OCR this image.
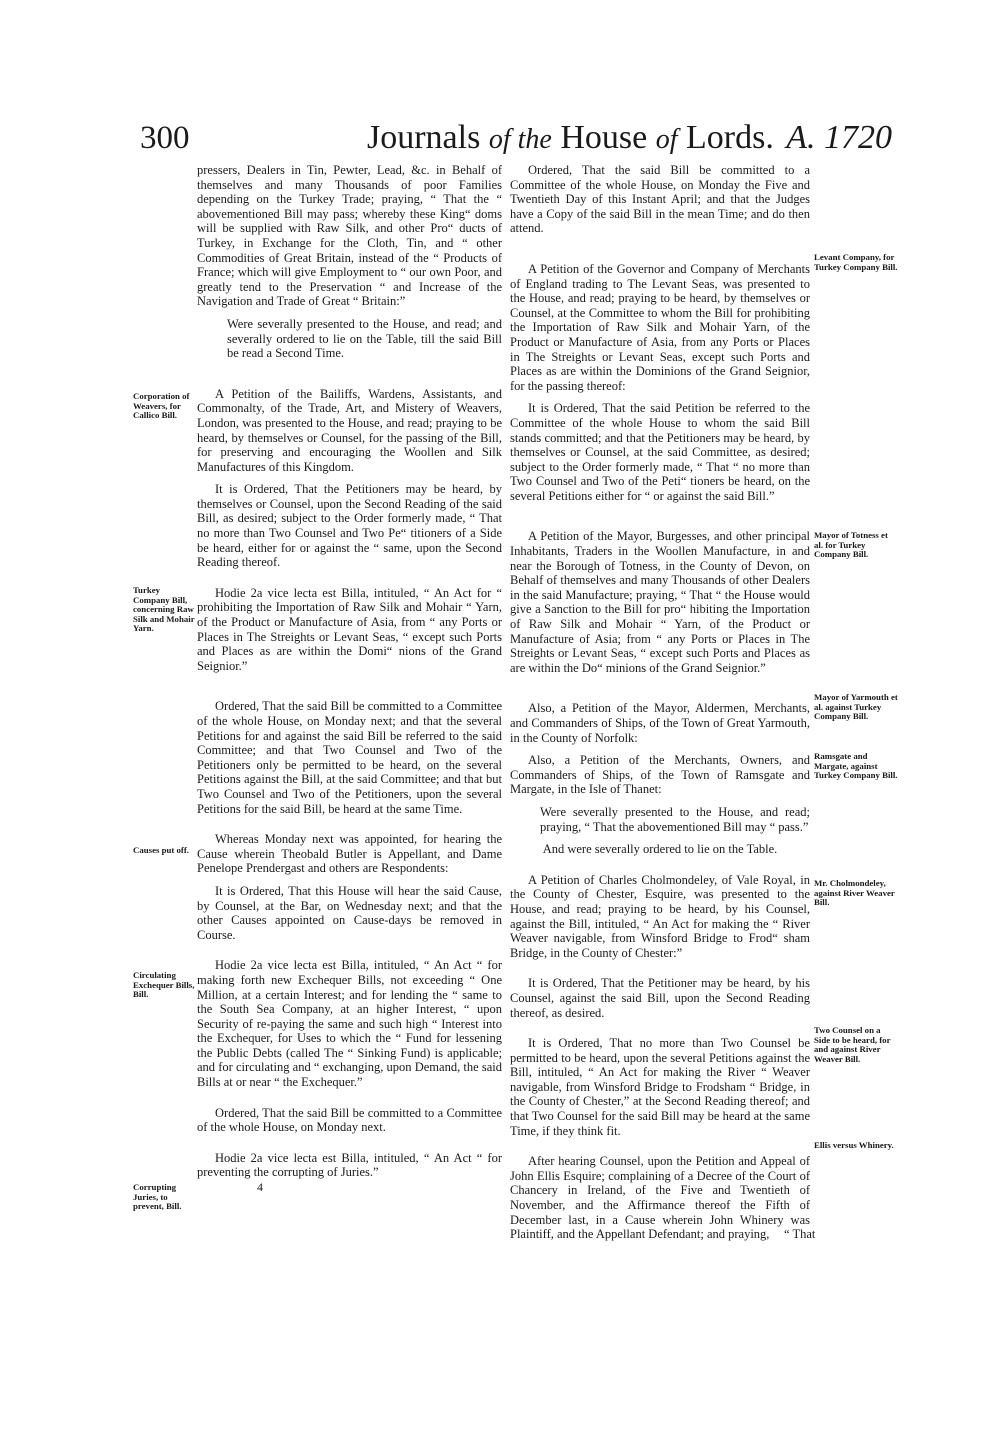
300	Journals of the House of Lords. A. 1720

Corporation of Weavers, for Callico Bill.

Turkey Company Bill, concerning Raw Silk and Mohair Yarn.

Causes put off.

Circulating Exchequer Bills, Bill.

Corrupting Juries, to prevent, Bill.

Levant Company, for Turkey Company Bill.

Mayor of Totness et al. for Turkey Company Bill.

Mayor of Yarmouth et al. against Turkey Company Bill.

Ramsgate and Margate, against Turkey Company Bill.

Mr. Cholmondeley, against River Weaver Bill.

Two Counsel on a Side to be heard, for and against River Weaver Bill.

Ellis versus Whinery.

pressers, Dealers in Tin, Pewter, Lead, &c. in Behalf of themselves and many Thousands of poor Families depending on the Turkey Trade; praying, “ That the “ abovementioned Bill may pass; whereby these King“ doms will be supplied with Raw Silk, and other Pro“ ducts of Turkey, in Exchange for the Cloth, Tin, and “ other Commodities of Great Britain, instead of the “ Products of France; which will give Employment to “ our own Poor, and greatly tend to the Preservation “ and Increase of the Navigation and Trade of Great “ Britain:”

Were severally presented to the House, and read; and severally ordered to lie on the Table, till the said Bill be read a Second Time.

A Petition of the Bailiffs, Wardens, Assistants, and Commonalty, of the Trade, Art, and Mistery of Weavers, London, was presented to the House, and read; praying to be heard, by themselves or Counsel, for the passing of the Bill, for preserving and encouraging the Woollen and Silk Manufactures of this Kingdom.

It is Ordered, That the Petitioners may be heard, by themselves or Counsel, upon the Second Reading of the said Bill, as desired; subject to the Order formerly made, “ That no more than Two Counsel and Two Pe“ titioners of a Side be heard, either for or against the “ same, upon the Second Reading thereof.

Hodie 2a vice lecta est Billa, intituled, “ An Act for “ prohibiting the Importation of Raw Silk and Mohair “ Yarn, of the Product or Manufacture of Asia, from “ any Ports or Places in The Streights or Levant Seas, “ except such Ports and Places as are within the Domi“ nions of the Grand Seignior.”

Ordered, That the said Bill be committed to a Committee of the whole House, on Monday next; and that the several Petitions for and against the said Bill be referred to the said Committee; and that Two Counsel and Two of the Petitioners only be permitted to be heard, on the several Petitions against the Bill, at the said Committee; and that but Two Counsel and Two of the Petitioners, upon the several Petitions for the said Bill, be heard at the same Time.

Whereas Monday next was appointed, for hearing the Cause wherein Theobald Butler is Appellant, and Dame Penelope Prendergast and others are Respondents:

It is Ordered, That this House will hear the said Cause, by Counsel, at the Bar, on Wednesday next; and that the other Causes appointed on Cause-days be removed in Course.

Hodie 2a vice lecta est Billa, intituled, “ An Act “ for making forth new Exchequer Bills, not exceeding “ One Million, at a certain Interest; and for lending the “ same to the South Sea Company, at an higher Interest, “ upon Security of re-paying the same and such high “ Interest into the Exchequer, for Uses to which the “ Fund for lessening the Public Debts (called The “ Sinking Fund) is applicable; and for circulating and “ exchanging, upon Demand, the said Bills at or near “ the Exchequer.”

Ordered, That the said Bill be committed to a Committee of the whole House, on Monday next.

Hodie 2a vice lecta est Billa, intituled, “ An Act “ for preventing the corrupting of Juries.”

4

Ordered, That the said Bill be committed to a Committee of the whole House, on Monday the Five and Twentieth Day of this Instant April; and that the Judges have a Copy of the said Bill in the mean Time; and do then attend.

A Petition of the Governor and Company of Merchants of England trading to The Levant Seas, was presented to the House, and read; praying to be heard, by themselves or Counsel, at the Committee to whom the Bill for prohibiting the Importation of Raw Silk and Mohair Yarn, of the Product or Manufacture of Asia, from any Ports or Places in The Streights or Levant Seas, except such Ports and Places as are within the Dominions of the Grand Seignior, for the passing thereof:

It is Ordered, That the said Petition be referred to the Committee of the whole House to whom the said Bill stands committed; and that the Petitioners may be heard, by themselves or Counsel, at the said Committee, as desired; subject to the Order formerly made, “ That “ no more than Two Counsel and Two of the Peti“ tioners be heard, on the several Petitions either for “ or against the said Bill.”

A Petition of the Mayor, Burgesses, and other principal Inhabitants, Traders in the Woollen Manufacture, in and near the Borough of Totness, in the County of Devon, on Behalf of themselves and many Thousands of other Dealers in the said Manufacture; praying, “ That “ the House would give a Sanction to the Bill for pro“ hibiting the Importation of Raw Silk and Mohair “ Yarn, of the Product or Manufacture of Asia; from “ any Ports or Places in The Streights or Levant Seas, “ except such Ports and Places as are within the Do“ minions of the Grand Seignior.”

Also, a Petition of the Mayor, Aldermen, Merchants, and Commanders of Ships, of the Town of Great Yarmouth, in the County of Norfolk:

Also, a Petition of the Merchants, Owners, and Commanders of Ships, of the Town of Ramsgate and Margate, in the Isle of Thanet:

Were severally presented to the House, and read; praying, “ That the abovementioned Bill may “ pass.”

And were severally ordered to lie on the Table.

A Petition of Charles Cholmondeley, of Vale Royal, in the County of Chester, Esquire, was presented to the House, and read; praying to be heard, by his Counsel, against the Bill, intituled, “ An Act for making the “ River Weaver navigable, from Winsford Bridge to Frod“ sham Bridge, in the County of Chester:”

It is Ordered, That the Petitioner may be heard, by his Counsel, against the said Bill, upon the Second Reading thereof, as desired.

It is Ordered, That no more than Two Counsel be permitted to be heard, upon the several Petitions against the Bill, intituled, “ An Act for making the River “ Weaver navigable, from Winsford Bridge to Frodsham “ Bridge, in the County of Chester,” at the Second Reading thereof; and that Two Counsel for the said Bill may be heard at the same Time, if they think fit.

After hearing Counsel, upon the Petition and Appeal of John Ellis Esquire; complaining of a Decree of the Court of Chancery in Ireland, of the Five and Twentieth of November, and the Affirmance thereof the Fifth of December last, in a Cause wherein John Whinery was Plaintiff, and the Appellant Defendant; and praying,	“ That
